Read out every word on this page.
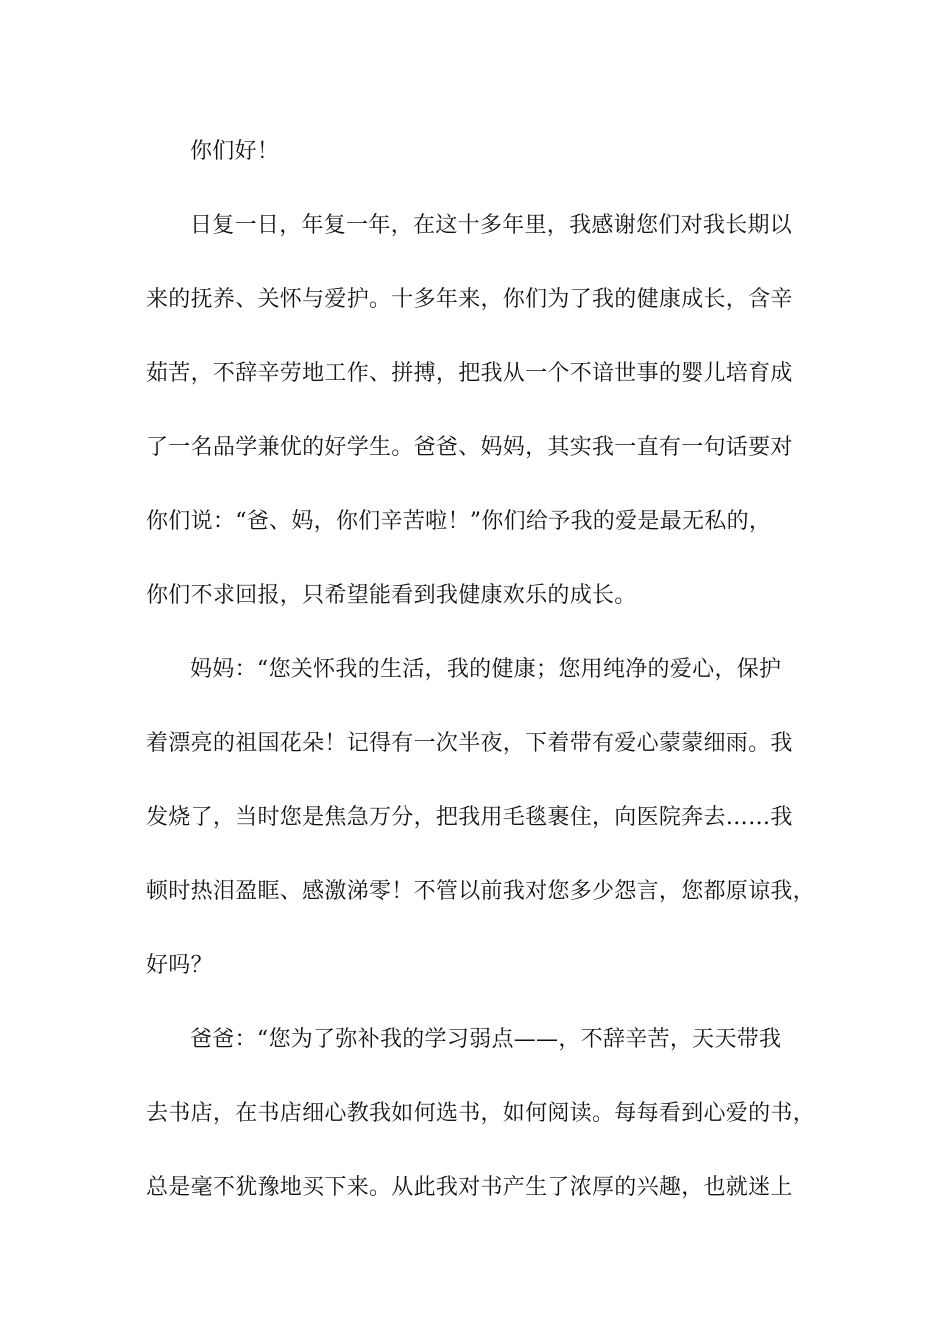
你们好！

日复一日，年复一年，在这十多年里，我感谢您们对我长期以

来的抚养、关怀与爱护。十多年来，你们为了我的健康成长，含辛

茹苦，不辞辛劳地工作、拼搏，把我从一个不谙世事的婴儿培育成

了一名品学兼优的好学生。爸爸、妈妈，其实我一直有一句话要对

你们说：“爸、妈，你们辛苦啦！”你们给予我的爱是最无私的，

你们不求回报，只希望能看到我健康欢乐的成长。

妈妈：“您关怀我的生活，我的健康；您用纯净的爱心，保护

着漂亮的祖国花朵！记得有一次半夜，下着带有爱心蒙蒙细雨。我

发烧了，当时您是焦急万分，把我用毛毯裹住，向医院奔去……我

顿时热泪盈眶、感激涕零！不管以前我对您多少怨言，您都原谅我，

好吗？

爸爸：“您为了弥补我的学习弱点——，不辞辛苦，天天带我

去书店，在书店细心教我如何选书，如何阅读。每每看到心爱的书，

总是毫不犹豫地买下来。从此我对书产生了浓厚的兴趣，也就迷上
